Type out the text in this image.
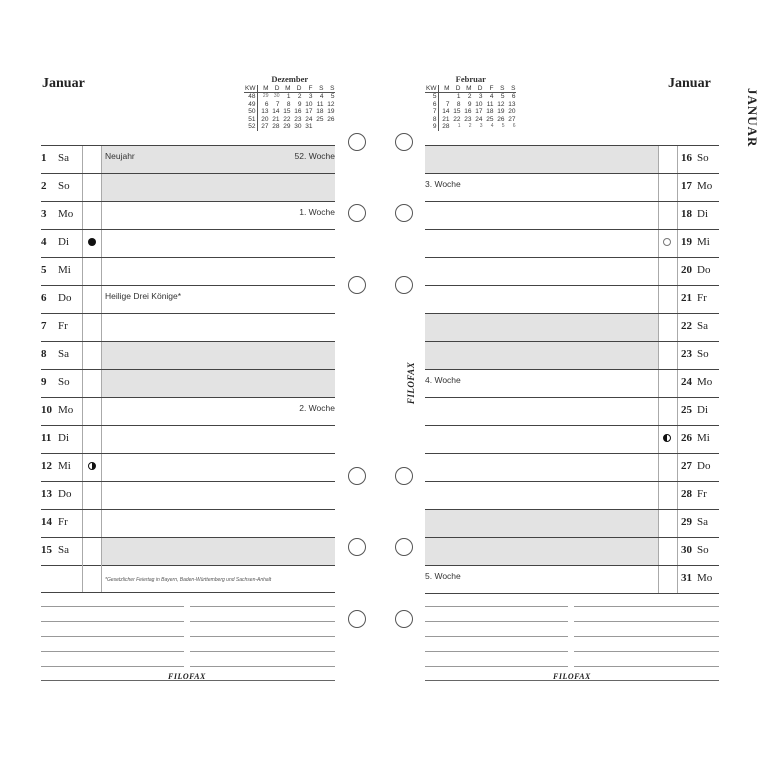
Januar	Dezember
KW	M	D	M	D	F	S	S
48	29	30	1	2	3	4	5
49	6	7	8	9	10	11	12
50	13	14	15	16	17	18	19
51	20	21	22	23	24	25	26
52	27	28	29	30	31		
Februar
KW	M	D	M	D	F	S	S
5		1	2	3	4	5	6
6	7	8	9	10	11	12	13
7	14	15	16	17	18	19	20
8	21	22	23	24	25	26	27
9	28	1	2	3	4	5	6
Januar
JANUAR
1 Sa	Neujahr	52. Woche
2 So
3 Mo	1. Woche
4 Di
5 Mi
6 Do	Heilige Drei Könige*
7 Fr
8 Sa
9 So
10 Mo	2. Woche
11 Di
12 Mi
13 Do
14 Fr
15 Sa
16 So
3. Woche	17 Mo
18 Di
19 Mi
20 Do
21 Fr
22 Sa
23 So
4. Woche	24 Mo
25 Di
26 Mi
27 Do
28 Fr
29 Sa
30 So
5. Woche	31 Mo
*Gesetzlicher Feiertag in Bayern, Baden-Württemberg und Sachsen-Anhalt
FILOFAX	FILOFAX
FILOFAX
